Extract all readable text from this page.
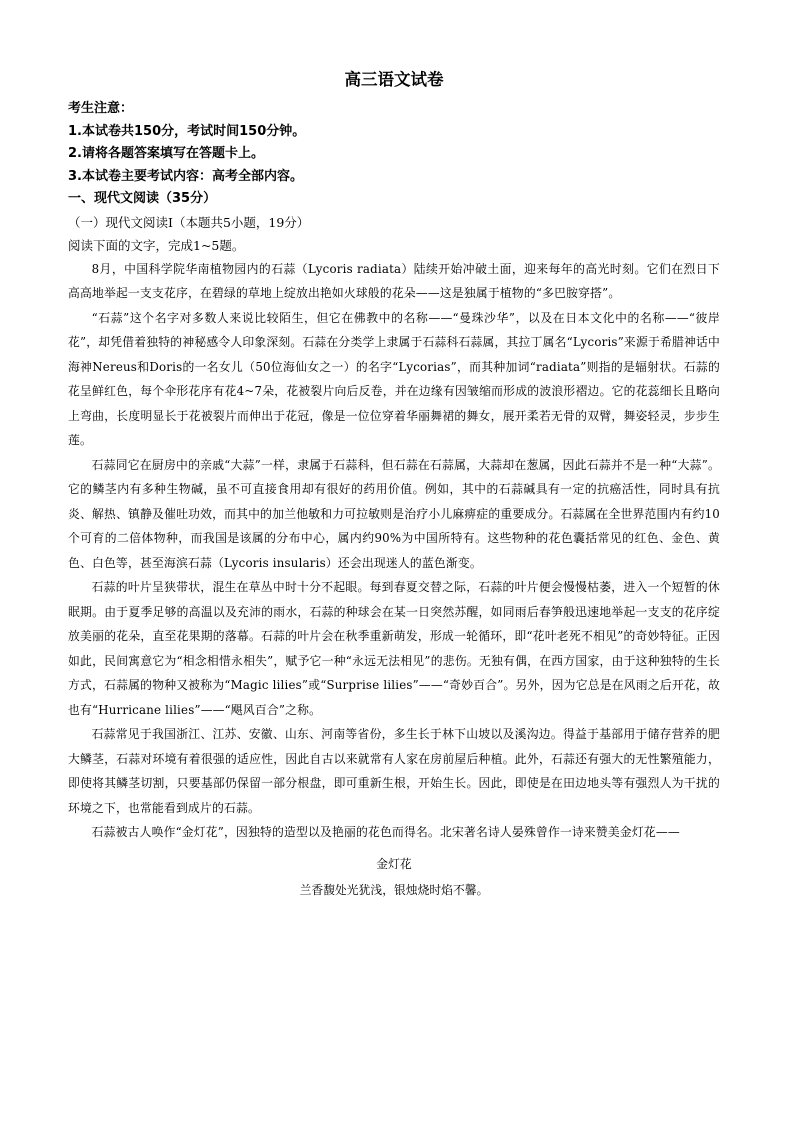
高三语文试卷
考生注意：
1.本试卷共150分，考试时间150分钟。
2.请将各题答案填写在答题卡上。
3.本试卷主要考试内容：高考全部内容。
一、现代文阅读（35分）
（一）现代文阅读Ⅰ（本题共5小题，19分）
阅读下面的文字，完成1~5题。

8月，中国科学院华南植物园内的石蒜（Lycoris radiata）陆续开始冲破土面，迎来每年的高光时刻。它们在烈日下高高地举起一支支花序，在碧绿的草地上绽放出艳如火球般的花朵——这是独属于植物的“多巴胺穿搭”。

“石蒜”这个名字对多数人来说比较陌生，但它在佛教中的名称——“曼珠沙华”，以及在日本文化中的名称——“彼岸花”，却凭借着独特的神秘感令人印象深刻。石蒜在分类学上隶属于石蒜科石蒜属，其拉丁属名“Lycoris”来源于希腊神话中海神Nereus和Doris的一名女儿（50位海仙女之一）的名字“Lycorias”，而其种加词“radiata”则指的是辐射状。石蒜的花呈鲜红色，每个伞形花序有花4~7朵，花被裂片向后反卷，并在边缘有因皱缩而形成的波浪形褶边。它的花蕊细长且略向上弯曲，长度明显长于花被裂片而伸出于花冠，像是一位位穿着华丽舞裙的舞女，展开柔若无骨的双臂，舞姿轻灵，步步生莲。

石蒜同它在厨房中的亲戚“大蒜”一样，隶属于石蒜科，但石蒜在石蒜属，大蒜却在葱属，因此石蒜并不是一种“大蒜”。它的鳞茎内有多种生物碱，虽不可直接食用却有很好的药用价值。例如，其中的石蒜碱具有一定的抗癌活性，同时具有抗炎、解热、镇静及催吐功效，而其中的加兰他敏和力可拉敏则是治疗小儿麻痹症的重要成分。石蒜属在全世界范围内有约10个可育的二倍体物种，而我国是该属的分布中心，属内约90%为中国所特有。这些物种的花色囊括常见的红色、金色、黄色、白色等，甚至海滨石蒜（Lycoris insularis）还会出现迷人的蓝色渐变。

石蒜的叶片呈狭带状，混生在草丛中时十分不起眼。每到春夏交替之际，石蒜的叶片便会慢慢枯萎，进入一个短暂的休眠期。由于夏季足够的高温以及充沛的雨水，石蒜的种球会在某一日突然苏醒，如同雨后春笋般迅速地举起一支支的花序绽放美丽的花朵，直至花果期的落幕。石蒜的叶片会在秋季重新萌发，形成一轮循环，即“花叶老死不相见”的奇妙特征。正因如此，民间寓意它为“相念相惜永相失”，赋予它一种“永远无法相见”的悲伤。无独有偶，在西方国家，由于这种独特的生长方式，石蒜属的物种又被称为“Magic lilies”或“Surprise lilies”——“奇妙百合”。另外，因为它总是在风雨之后开花，故也有“Hurricane lilies”——“飓风百合”之称。

石蒜常见于我国浙江、江苏、安徽、山东、河南等省份，多生长于林下山坡以及溪沟边。得益于基部用于储存营养的肥大鳞茎，石蒜对环境有着很强的适应性，因此自古以来就常有人家在房前屋后种植。此外，石蒜还有强大的无性繁殖能力，即使将其鳞茎切割，只要基部仍保留一部分根盘，即可重新生根，开始生长。因此，即使是在田边地头等有强烈人为干扰的环境之下，也常能看到成片的石蒜。

石蒜被古人唤作“金灯花”，因独特的造型以及艳丽的花色而得名。北宋著名诗人晏殊曾作一诗来赞美金灯花——

金灯花
兰香馥处光犹浅，银烛烧时焰不馨。
